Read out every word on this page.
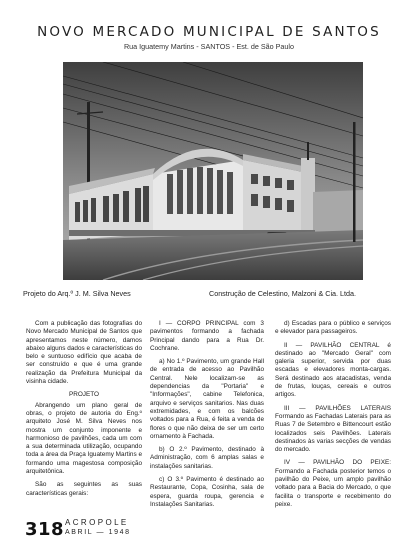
NOVO MERCADO MUNICIPAL DE SANTOS
Rua Iguatemy Martins - SANTOS - Est. de São Paulo
Projeto do Arq.º J. M. Silva Neves	Construção de Celestino, Malzoni & Cia. Ltda.

Com a publicação das fotografias do Novo Mercado Municipal de Santos que apresentamos neste número, damos abaixo alguns dados e características do belo e suntuoso edifício que acaba de ser construído e que é uma grande realização da Prefeitura Municipal da visinha cidade.

PROJETO

Abrangendo um plano geral de obras, o projeto de autoria do Eng.º arquiteto José M. Silva Neves nos mostra um conjunto imponente e harmonioso de pavilhões, cada um com a sua determinada utilização, ocupando toda a área da Praça Iguatemy Martins e formando uma magestosa composição arquitetônica.

São as seguintes as suas características gerais:

I — CORPO PRINCIPAL com 3 pavimentos formando a fachada Principal dando para a Rua Dr. Cochrane.

a) No 1.º Pavimento, um grande Hall de entrada de acesso ao Pavilhão Central. Nele localizam-se as dependencias da "Portaria" e "Informações", cabine Telefonica, arquivo e serviços sanitarios. Nas duas extremidades, e com os balcões voltados para a Rua, é feita a venda de flores o que não deixa de ser um certo ornamento à Fachada.

b) O 2.º Pavimento, destinado à Administração, com 6 amplas salas e instalações sanitarias.

c) O 3.º Pavimento é destinado ao Restaurante, Copa, Cosinha, sala de espera, guarda roupa, gerencia e Instalações Sanitarias.

d) Escadas para o público e serviços e elevador para passageiros.

II — PAVILHÃO CENTRAL é destinado ao "Mercado Geral" com galeria superior, servida por duas escadas e elevadores monta-cargas. Será destinado aos atacadistas, venda de frutas, louças, cereais e outros artigos.

III — PAVILHÕES LATERAIS Formando as Fachadas Laterais para as Ruas 7 de Setembro e Bittencourt estão localizados seis Pavilhões. Laterais destinados às varias secções de vendas do mercado.

IV — PAVILHÃO DO PEIXE: Formando a Fachada posterior temos o pavilhão do Peixe, um amplo pavilhão voltado para a Bacia do Mercado, o que facilita o transporte e recebimento do peixe.

318 ACROPOLE
ABRIL — 1948
